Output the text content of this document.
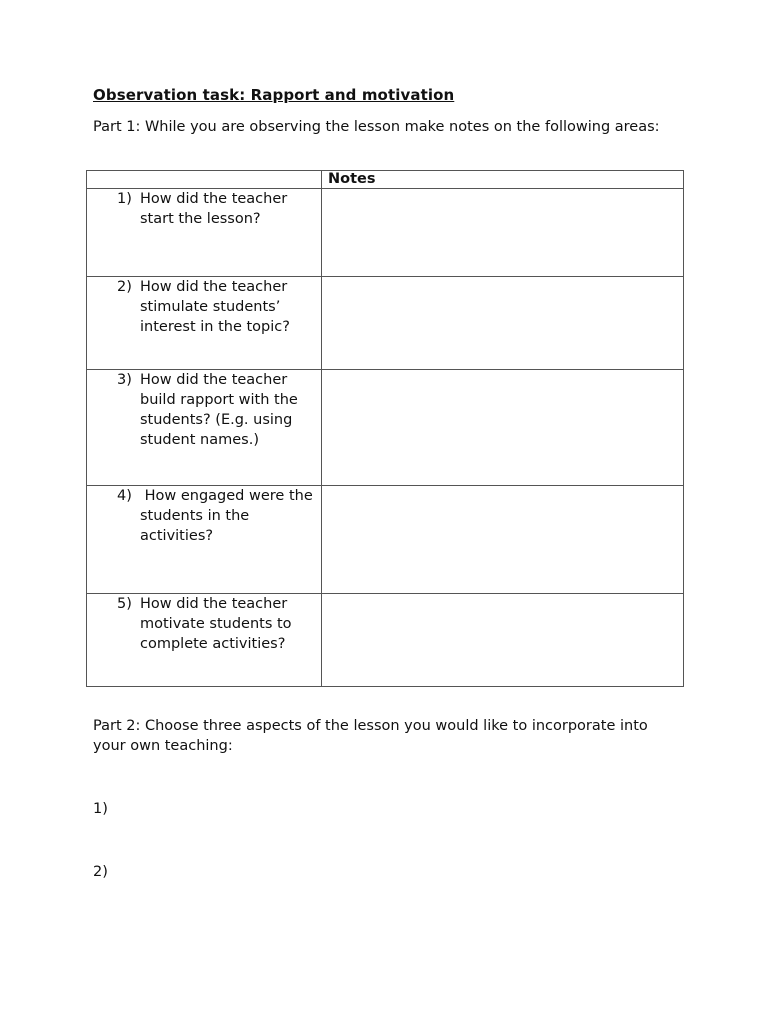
Observation task: Rapport and motivation
Part 1: While you are observing the lesson make notes on the following areas:
	Notes

1) How did the teacher start the lesson?	

2) How did the teacher stimulate students’ interest in the topic?	

3) How did the teacher build rapport with the students? (E.g. using student names.)	

4) How engaged were the students in the activities?	

5) How did the teacher motivate students to complete activities?	

Part 2: Choose three aspects of the lesson you would like to incorporate into your own teaching:
1)
2)
